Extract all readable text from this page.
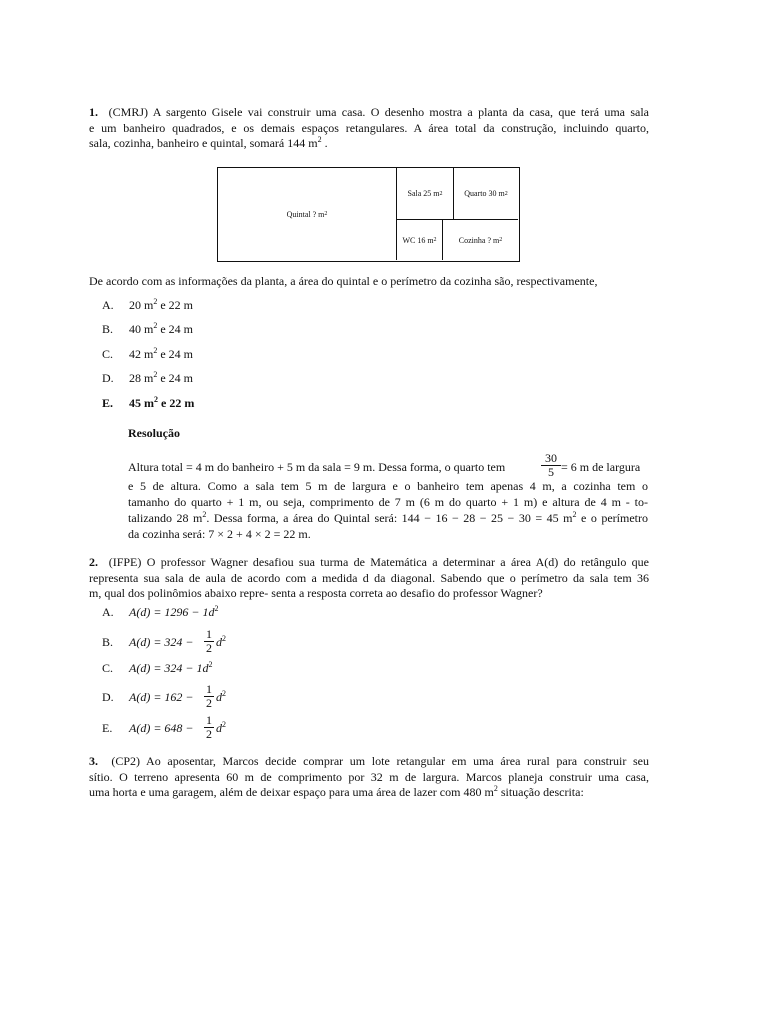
1. (CMRJ) A sargento Gisele vai construir uma casa. O desenho mostra a planta da casa, que terá uma sala
e um banheiro quadrados, e os demais espaços retangulares. A área total da construção, incluindo quarto,
sala, cozinha, banheiro e quintal, somará 144 $m^2$ .
Quintal ? m 2
Sala 25 m 2	Quarto 30 m 2
WC 16 m 2	Cozinha ? m 2
De acordo com as informações da planta, a área do quintal e o perímetro da cozinha são, respectivamente,
A.	20 $m^2$ e 22 m
B.	40 $m^2$ e 24 m
C.	42 $m^2$ e 24 m
D.	28 $m^2$ e 24 m
E.	45 $m^2$ e 22 m
Resolução
Altura total = 4 m do banheiro + 5 m da sala = 9 m. Dessa forma, o quarto tem	$\frac{30}{5} = 6$ m de largura
e 5 de altura. Como a sala tem 5 m de largura e o banheiro tem apenas 4 m, a cozinha tem o
tamanho do quarto + 1 m, ou seja, comprimento de 7 m (6 m do quarto + 1 m) e altura de 4 m - to-
talizando 28 $m^2$. Dessa forma, a área do Quintal será: 144 − 16 − 28 − 25 − 30 = 45 $m^2$ e o perímetro
da cozinha será: 7 × 2 + 4 × 2 = 22 m.
2. (IFPE) O professor Wagner desafiou sua turma de Matemática a determinar a área A(d) do retângulo que
representa sua sala de aula de acordo com a medida d da diagonal. Sabendo que o perímetro da sala tem 36
m, qual dos polinômios abaixo repre- senta a resposta correta ao desafio do professor Wagner?
A.	$A(d) = 1296 - 1d^2$
B.	$A(d) = 324 - \frac{1}{2} d^2$
C.	$A(d) = 324 - 1d^2$
D.	$A(d) = 162 - \frac{1}{2} d^2$
E.	$A(d) = 648 - \frac{1}{2} d^2$
3. (CP2) Ao aposentar, Marcos decide comprar um lote retangular em uma área rural para construir seu
sítio. O terreno apresenta 60 m de comprimento por 32 m de largura. Marcos planeja construir uma casa,
uma horta e uma garagem, além de deixar espaço para uma área de lazer com 480 $m^2$ situação descrita:
